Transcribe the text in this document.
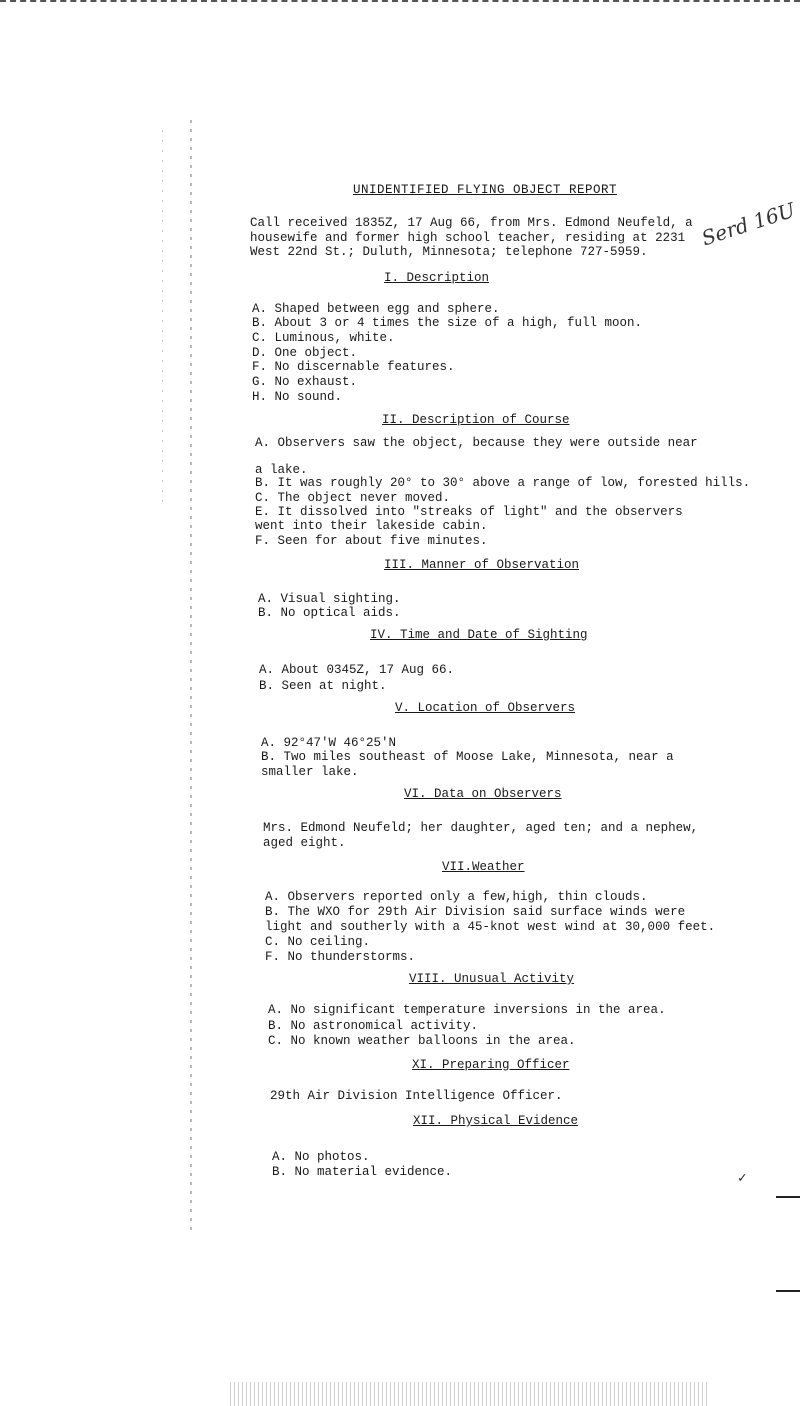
✓
UNIDENTIFIED FLYING OBJECT REPORT
Serd 16U
Call received 1835Z, 17 Aug 66, from Mrs. Edmond Neufeld, a
housewife and former high school teacher, residing at 2231
West 22nd St.; Duluth, Minnesota; telephone 727-5959.
I. Description
A. Shaped between egg and sphere.
B. About 3 or 4 times the size of a high, full moon.
C. Luminous, white.
D. One object.
F. No discernable features.
G. No exhaust.
H. No sound.
II. Description of Course
A. Observers saw the object, because they were outside near
a lake.
B. It was roughly 20° to 30° above a range of low, forested hills.
C. The object never moved.
E. It dissolved into "streaks of light" and the observers
went into their lakeside cabin.
F. Seen for about five minutes.
III. Manner of Observation
A. Visual sighting.
B. No optical aids.
IV. Time and Date of Sighting
A. About 0345Z, 17 Aug 66.
B. Seen at night.
V. Location of Observers
A. 92°47'W 46°25'N
B. Two miles southeast of Moose Lake, Minnesota, near a
smaller lake.
VI. Data on Observers
Mrs. Edmond Neufeld; her daughter, aged ten; and a nephew,
aged eight.
VII.Weather
A. Observers reported only a few,high, thin clouds.
B. The WXO for 29th Air Division said surface winds were
light and southerly with a 45-knot west wind at 30,000 feet.
C. No ceiling.
F. No thunderstorms.
VIII. Unusual Activity
A. No significant temperature inversions in the area.
B. No astronomical activity.
C. No known weather balloons in the area.
XI. Preparing Officer
29th Air Division Intelligence Officer.
XII. Physical Evidence
A. No photos.
B. No material evidence.
